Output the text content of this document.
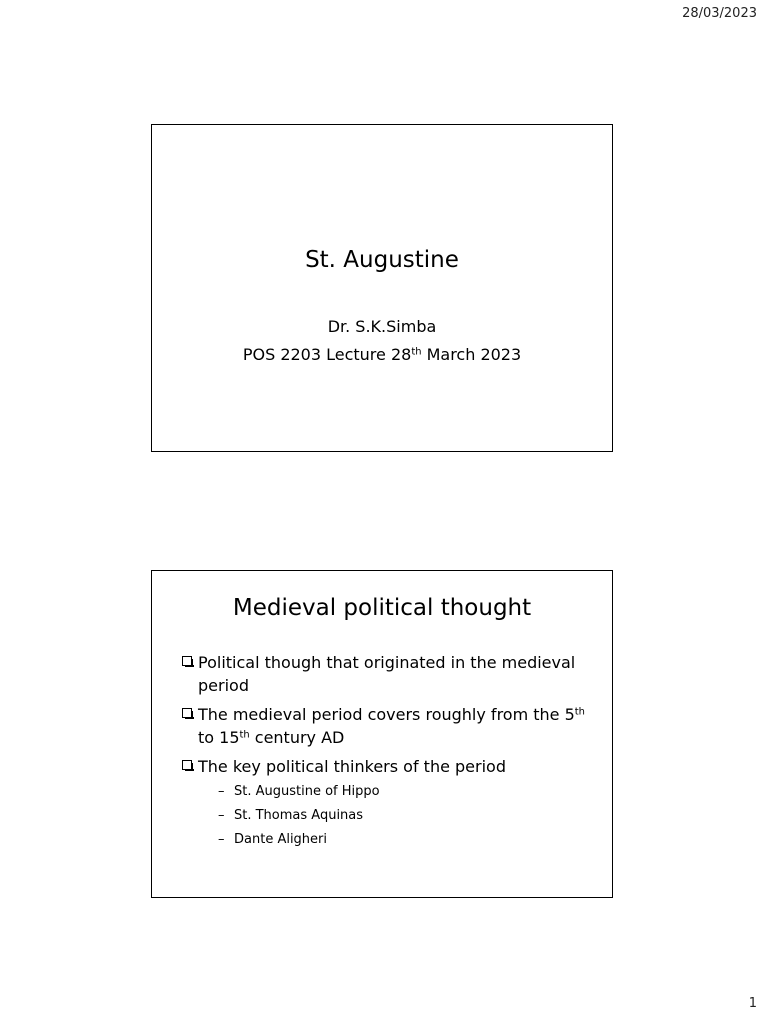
28/03/2023
St. Augustine
Dr. S.K.Simba
POS 2203 Lecture 28th March 2023
Medieval political thought
Political though that originated in the medieval period
The medieval period covers roughly from the 5th to 15th century AD
The key political thinkers of the period
– St. Augustine of Hippo
– St. Thomas Aquinas
– Dante Aligheri
1
